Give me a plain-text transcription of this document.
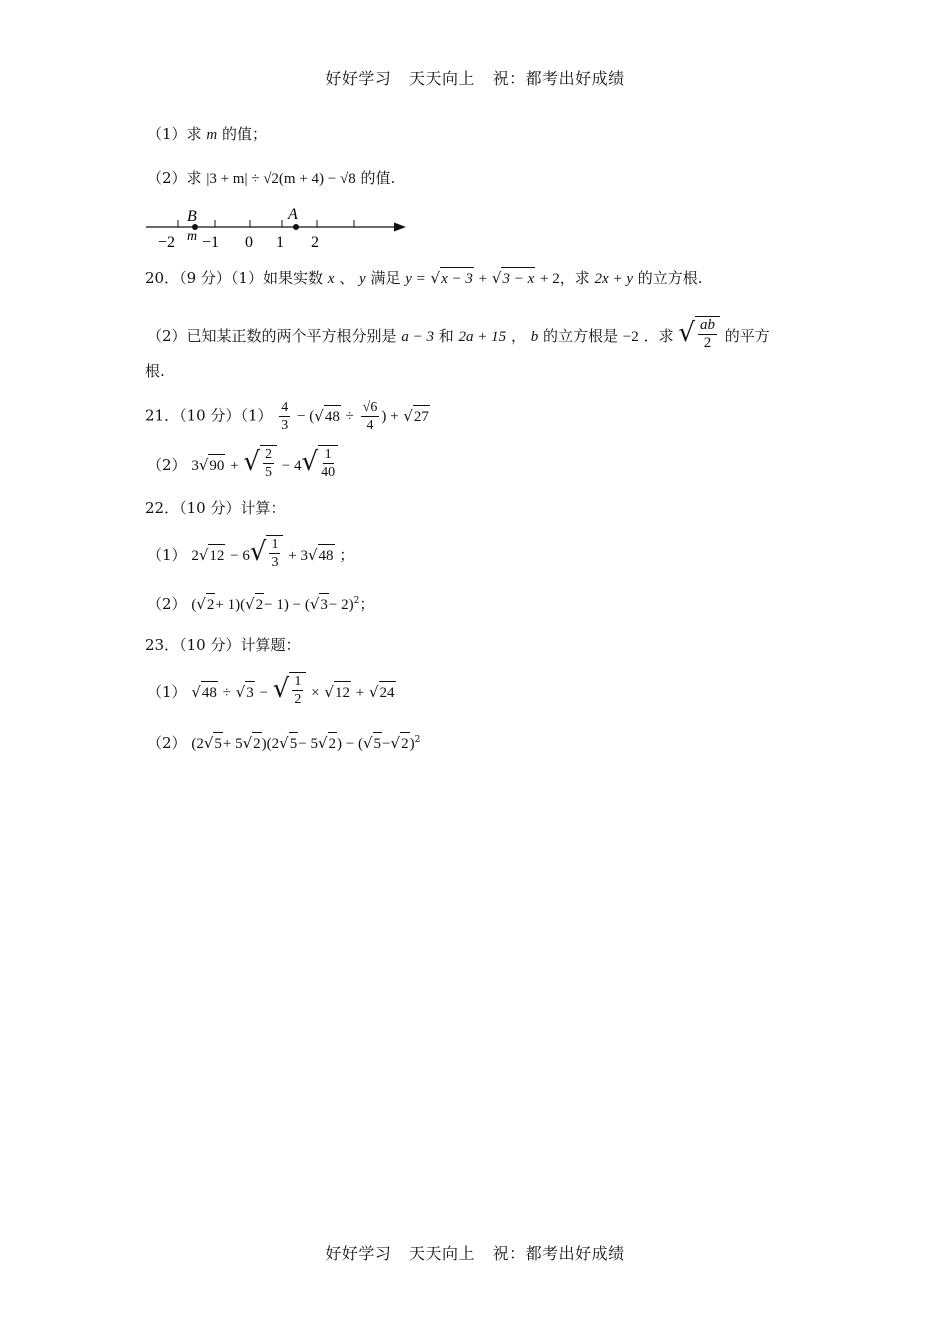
好好学习 天天向上 祝：都考出好成绩
（1）求 m 的值；
（2）求 |3 + m| ÷ √2(m + 4) − √8 的值.
B	A
m
−2 −1 0 1 2
20．（9 分）（1）如果实数 x 、 y 满足 y = √ x − 3 + √ 3 − x + 2，求 2x + y 的立方根.
（2）已知某正数的两个平方根分别是 a − 3 和 2a + 15 ， b 的立方根是 −2 ．求 √ $\frac{ab}{2}$ 的平方
根.
21．（10 分）$(1) \frac{4}{3}$ − ( √ $48 \div \frac{√6}{4}$ ) + √ 27
（2） 3 √ 90 + √ $\frac{2}{5} - 4$ √ $\frac{1}{40}$
22．（10 分）计算：
（1） 2 √ 12 − 6 √ $\frac{1}{3} + 3$ √ 48 ；
（2） ( √ 2 + 1)( √ 2 − 1) − ( √ 3 − 2)$^2$；
23．（10 分）计算题：
（1） √ 48 ÷ √ 3 − √ $\frac{1}{2}$ × √ 12 + √ 24
（2） (2 √ 5 + 5 √ 2 )(2 √ 5 − 5 √ 2 ) − ( √ 5 − √ 2 )$^2$
好好学习 天天向上 祝：都考出好成绩
